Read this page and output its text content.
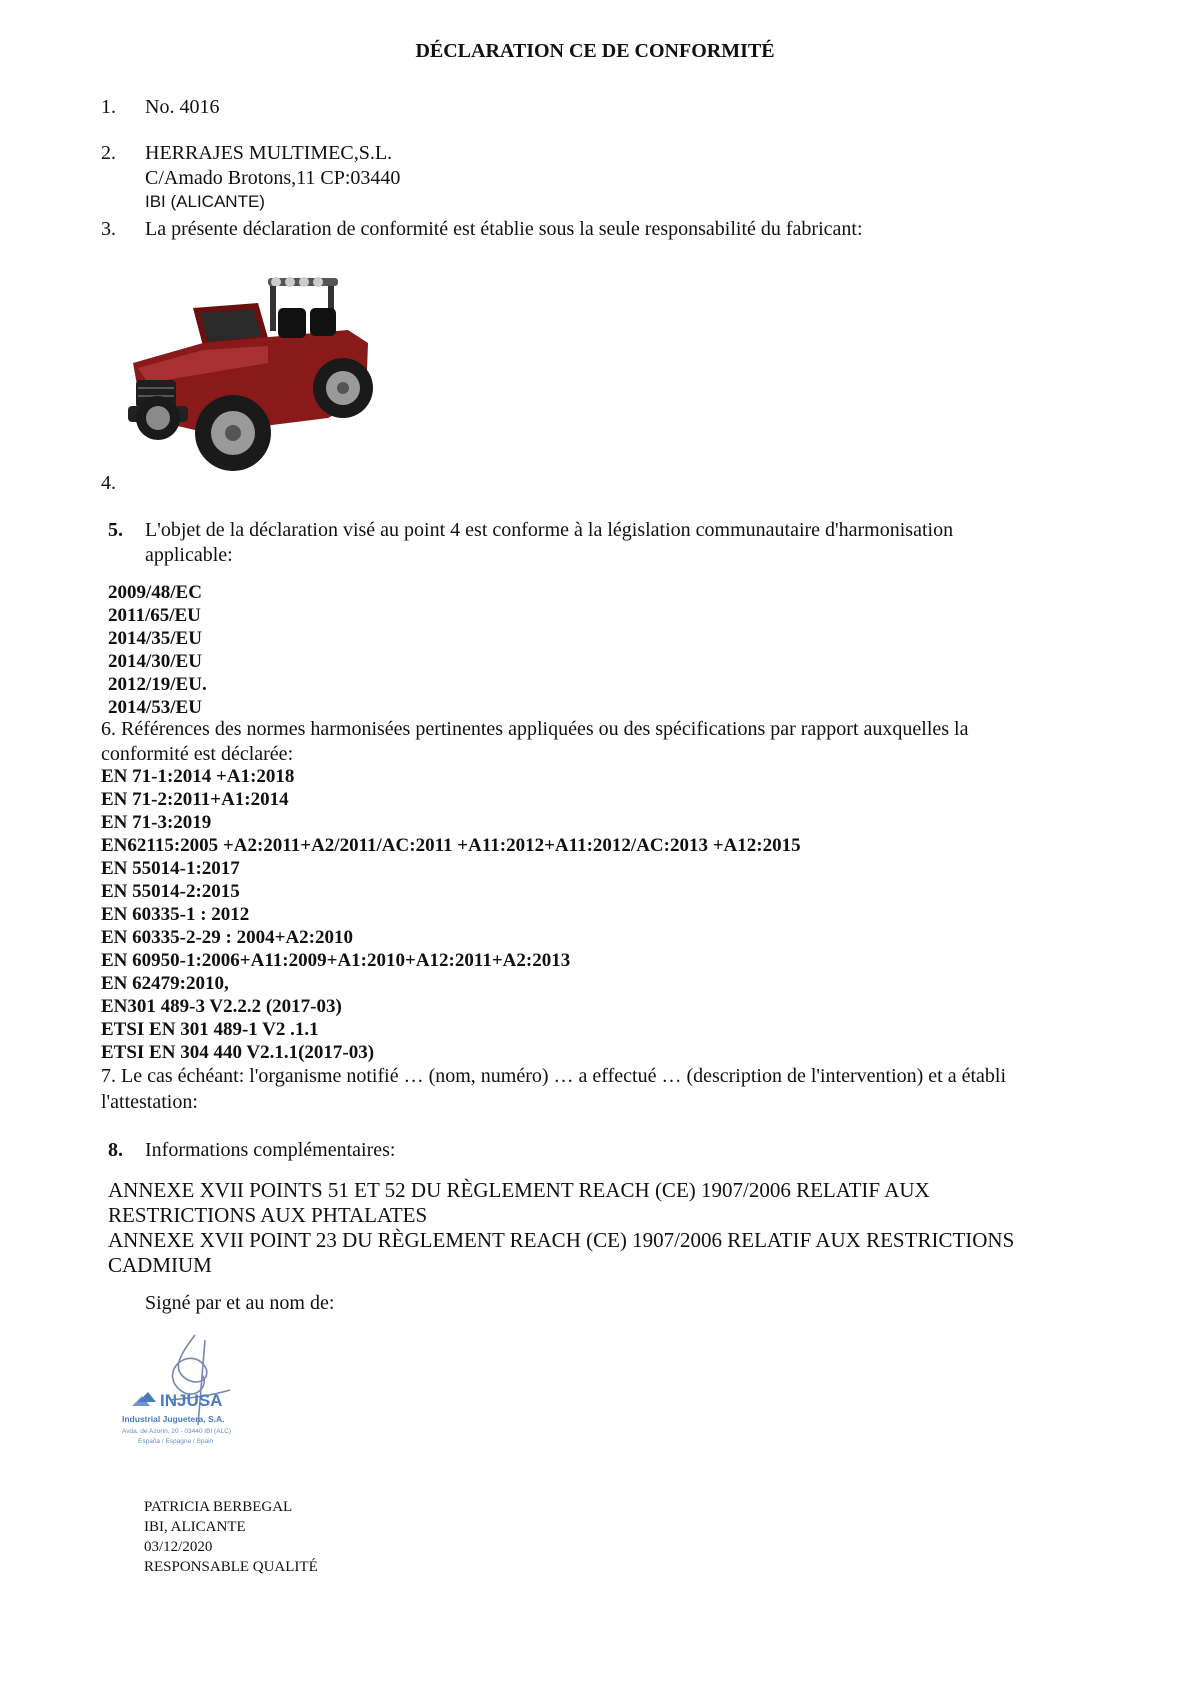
DÉCLARATION CE DE CONFORMITÉ
1. No. 4016
2. HERRAJES MULTIMEC,S.L.
C/Amado Brotons,11 CP:03440
IBI (ALICANTE)
3. La présente déclaration de conformité est établie sous la seule responsabilité du fabricant:
4.
5. L'objet de la déclaration visé au point 4 est conforme à la législation communautaire d'harmonisation
applicable:
2009/48/EC
2011/65/EU
2014/35/EU
2014/30/EU
2012/19/EU.
2014/53/EU
6. Références des normes harmonisées pertinentes appliquées ou des spécifications par rapport auxquelles la
conformité est déclarée:
EN 71-1:2014 +A1:2018
EN 71-2:2011+A1:2014
EN 71-3:2019
EN62115:2005 +A2:2011+A2/2011/AC:2011 +A11:2012+A11:2012/AC:2013 +A12:2015
EN 55014-1:2017
EN 55014-2:2015
EN 60335-1 : 2012
EN 60335-2-29 : 2004+A2:2010
EN 60950-1:2006+A11:2009+A1:2010+A12:2011+A2:2013
EN 62479:2010,
EN301 489-3 V2.2.2 (2017-03)
ETSI EN 301 489-1 V2 .1.1
ETSI EN 304 440 V2.1.1(2017-03)
7. Le cas échéant: l'organisme notifié … (nom, numéro) … a effectué … (description de l'intervention) et a établi
l'attestation:
8. Informations complémentaires:
ANNEXE XVII POINTS 51 ET 52 DU RÈGLEMENT REACH (CE) 1907/2006 RELATIF AUX
RESTRICTIONS AUX PHTALATES
ANNEXE XVII POINT 23 DU RÈGLEMENT REACH (CE) 1907/2006 RELATIF AUX RESTRICTIONS
CADMIUM
Signé par et au nom de:
INJUSA
Industrial Juguetera, S.A.
Avda. de Azorín, 20 - 03440 IBI (ALC)
España / Espagne / Spain
PATRICIA BERBEGAL
IBI, ALICANTE
03/12/2020
RESPONSABLE QUALITÉ
